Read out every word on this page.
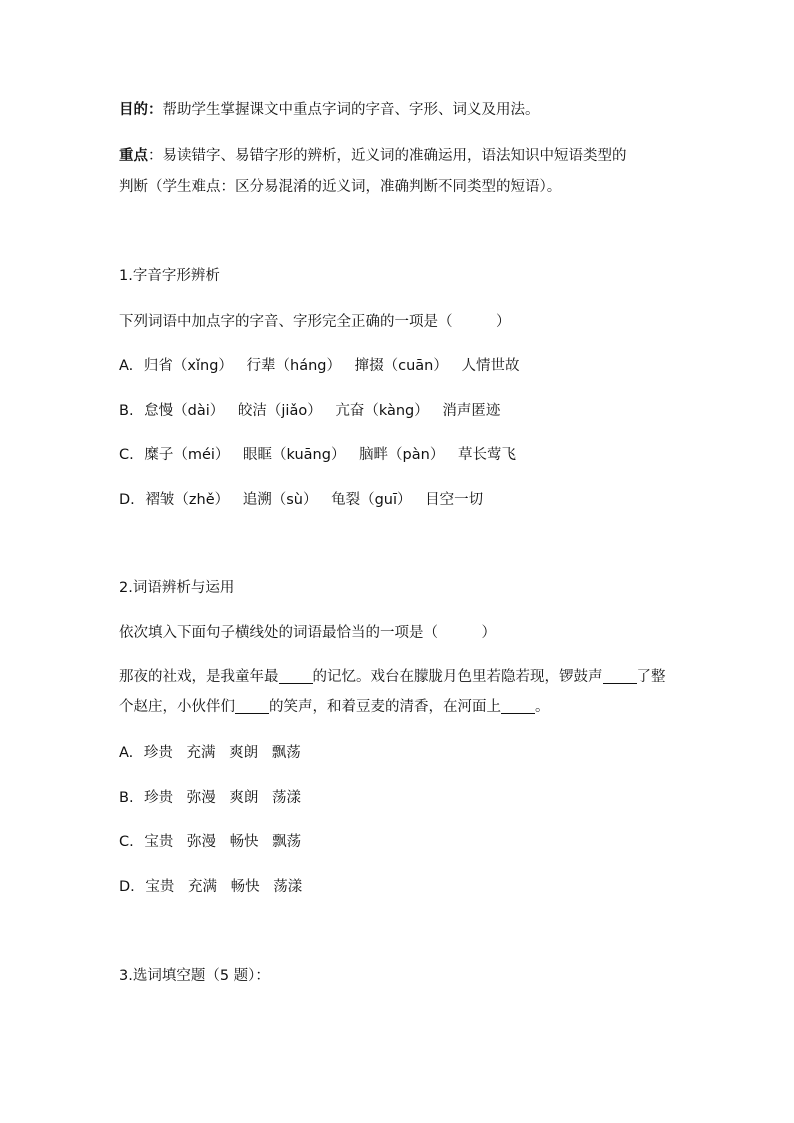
目的：帮助学生掌握课文中重点字词的字音、字形、词义及用法。
重点：易读错字、易错字形的辨析，近义词的准确运用，语法知识中短语类型的
判断（学生难点：区分易混淆的近义词，准确判断不同类型的短语）。
1.字音字形辨析
下列词语中加点字的字音、字形完全正确的一项是（　　　）
A. 归省（xǐng） 行辈（háng） 撺掇（cuān） 人情世故
B. 怠慢（dài） 皎洁（jiǎo） 亢奋（kàng） 消声匿迹
C. 糜子（méi） 眼眶（kuāng） 脑畔（pàn） 草长莺飞
D. 褶皱（zhě） 追溯（sù） 龟裂（guī） 目空一切
2.词语辨析与运用
依次填入下面句子横线处的词语最恰当的一项是（　　　）
那夜的社戏，是我童年最 的记忆。戏台在朦胧月色里若隐若现，锣鼓声 了整个赵庄，小伙伴们 的笑声，和着豆麦的清香，在河面上 。
A. 珍贵 充满 爽朗 飘荡
B. 珍贵 弥漫 爽朗 荡漾
C. 宝贵 弥漫 畅快 飘荡
D. 宝贵 充满 畅快 荡漾
3.选词填空题（5 题）：
